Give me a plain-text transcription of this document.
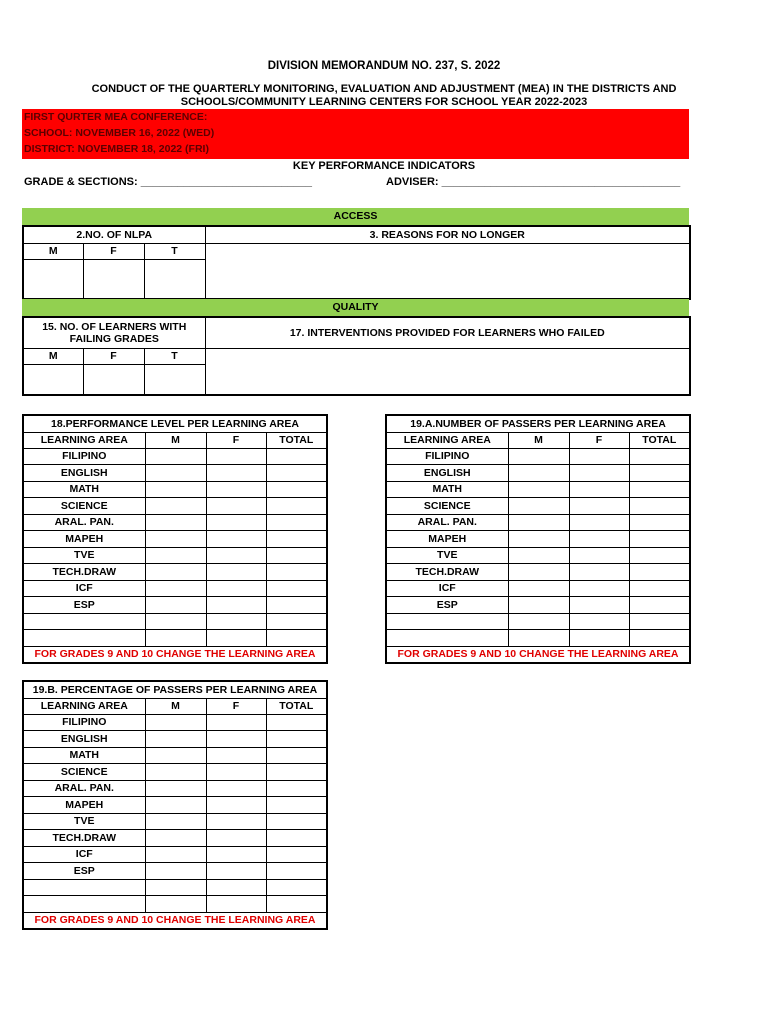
DIVISION MEMORANDUM NO. 237, S. 2022
CONDUCT OF THE QUARTERLY MONITORING, EVALUATION AND ADJUSTMENT (MEA) IN THE DISTRICTS AND
SCHOOLS/COMMUNITY LEARNING CENTERS FOR SCHOOL YEAR 2022-2023
FIRST QURTER MEA CONFERENCE:
SCHOOL: NOVEMBER 16, 2022 (WED)
DISTRICT: NOVEMBER 18, 2022 (FRI)
KEY PERFORMANCE INDICATORS
GRADE & SECTIONS: ____________________________	ADVISER: _______________________________________
ACCESS
2.NO. OF NLPA			3. REASONS FOR NO LONGER

M	F	T	

QUALITY
15. NO. OF LEARNERS WITH
FAILING GRADES			17. INTERVENTIONS PROVIDED FOR LEARNERS WHO FAILED
M	F	T	

18.PERFORMANCE LEVEL PER LEARNING AREA			
LEARNING AREA	M	F	TOTAL
FILIPINO			
ENGLISH			
MATH			
SCIENCE			
ARAL. PAN.			
MAPEH			
TVE			
TECH.DRAW			
ICF			
ESP			

FOR GRADES 9 AND 10 CHANGE THE LEARNING AREA			
19.A.NUMBER OF PASSERS PER LEARNING AREA			
LEARNING AREA	M	F	TOTAL
FILIPINO			
ENGLISH			
MATH			
SCIENCE			
ARAL. PAN.			
MAPEH			
TVE			
TECH.DRAW			
ICF			
ESP			

FOR GRADES 9 AND 10 CHANGE THE LEARNING AREA			
19.B. PERCENTAGE OF PASSERS PER LEARNING AREA			
LEARNING AREA	M	F	TOTAL
FILIPINO			
ENGLISH			
MATH			
SCIENCE			
ARAL. PAN.			
MAPEH			
TVE			
TECH.DRAW			
ICF			
ESP			

FOR GRADES 9 AND 10 CHANGE THE LEARNING AREA			
